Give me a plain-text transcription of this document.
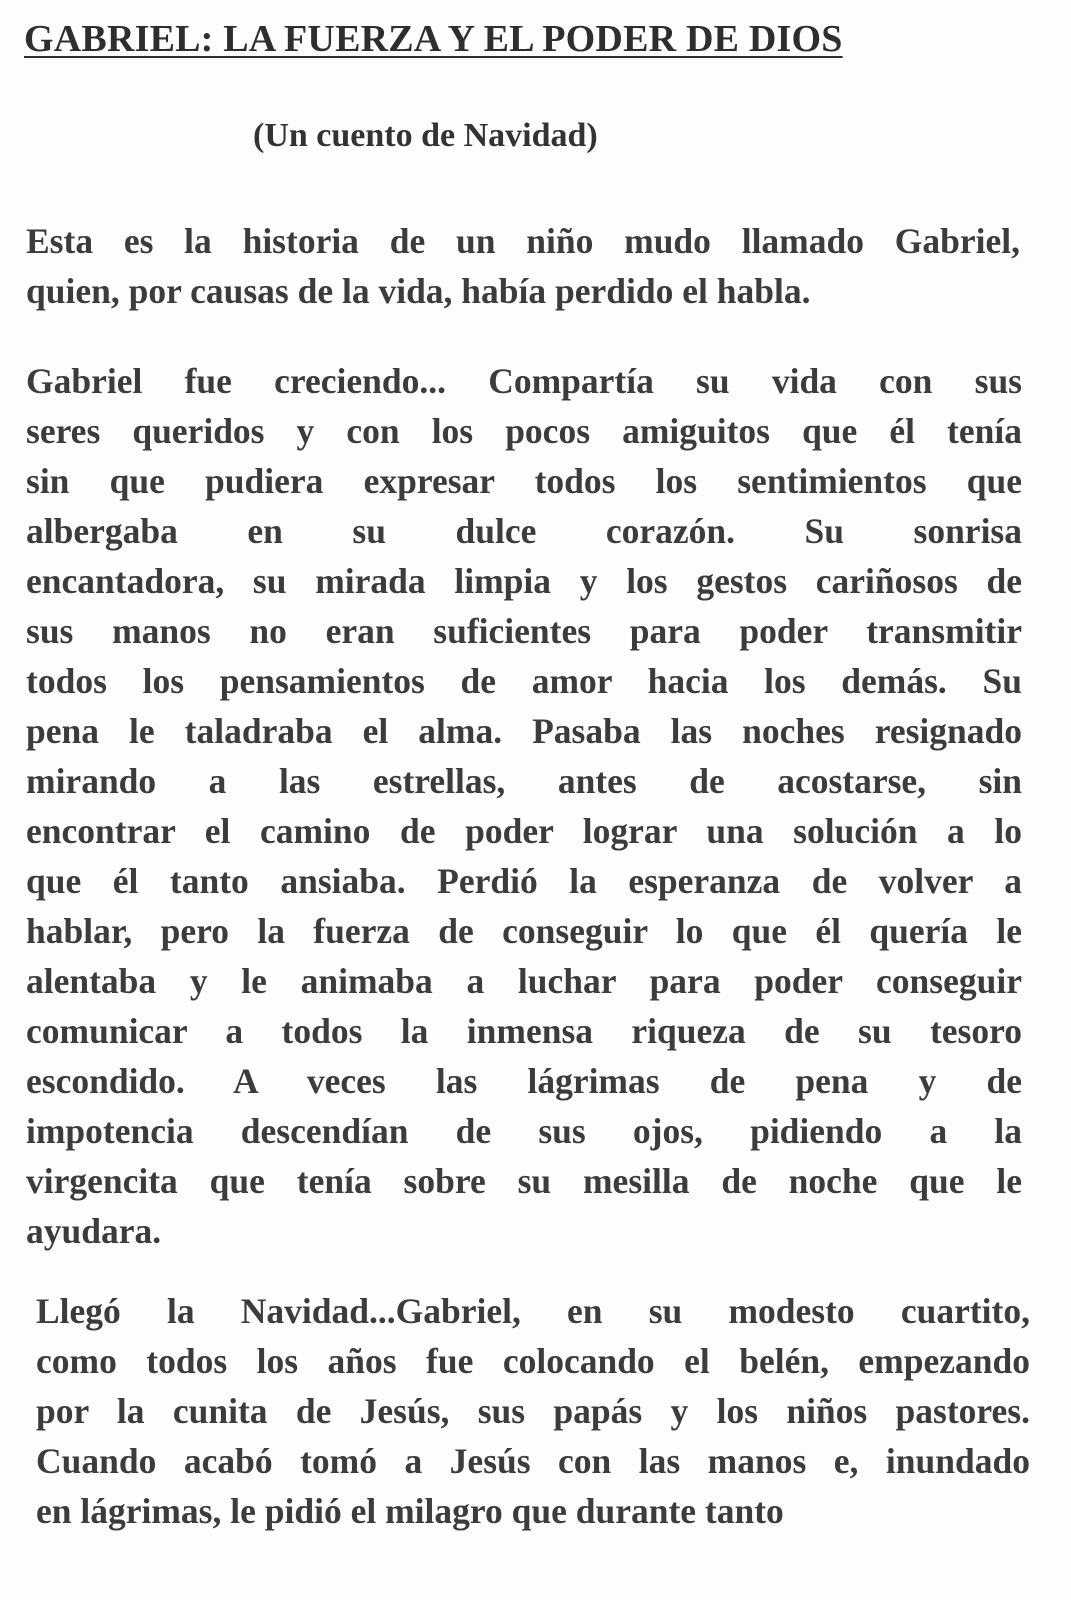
GABRIEL: LA FUERZA Y EL PODER DE DIOS
(Un cuento de Navidad)

Esta es la historia de un niño mudo llamado Gabriel,
quien, por causas de la vida, había perdido el habla.

Gabriel fue creciendo... Compartía su vida con sus
seres queridos y con los pocos amiguitos que él tenía
sin que pudiera expresar todos los sentimientos que
albergaba en su dulce corazón. Su sonrisa
encantadora, su mirada limpia y los gestos cariñosos de
sus manos no eran suficientes para poder transmitir
todos los pensamientos de amor hacia los demás. Su
pena le taladraba el alma. Pasaba las noches resignado
mirando a las estrellas, antes de acostarse, sin
encontrar el camino de poder lograr una solución a lo
que él tanto ansiaba. Perdió la esperanza de volver a
hablar, pero la fuerza de conseguir lo que él quería le
alentaba y le animaba a luchar para poder conseguir
comunicar a todos la inmensa riqueza de su tesoro
escondido. A veces las lágrimas de pena y de
impotencia descendían de sus ojos, pidiendo a la
virgencita que tenía sobre su mesilla de noche que le
ayudara.

Llegó la Navidad...Gabriel, en su modesto cuartito,
como todos los años fue colocando el belén, empezando
por la cunita de Jesús, sus papás y los niños pastores.
Cuando acabó tomó a Jesús con las manos e, inundado
en lágrimas, le pidió el milagro que durante tanto
